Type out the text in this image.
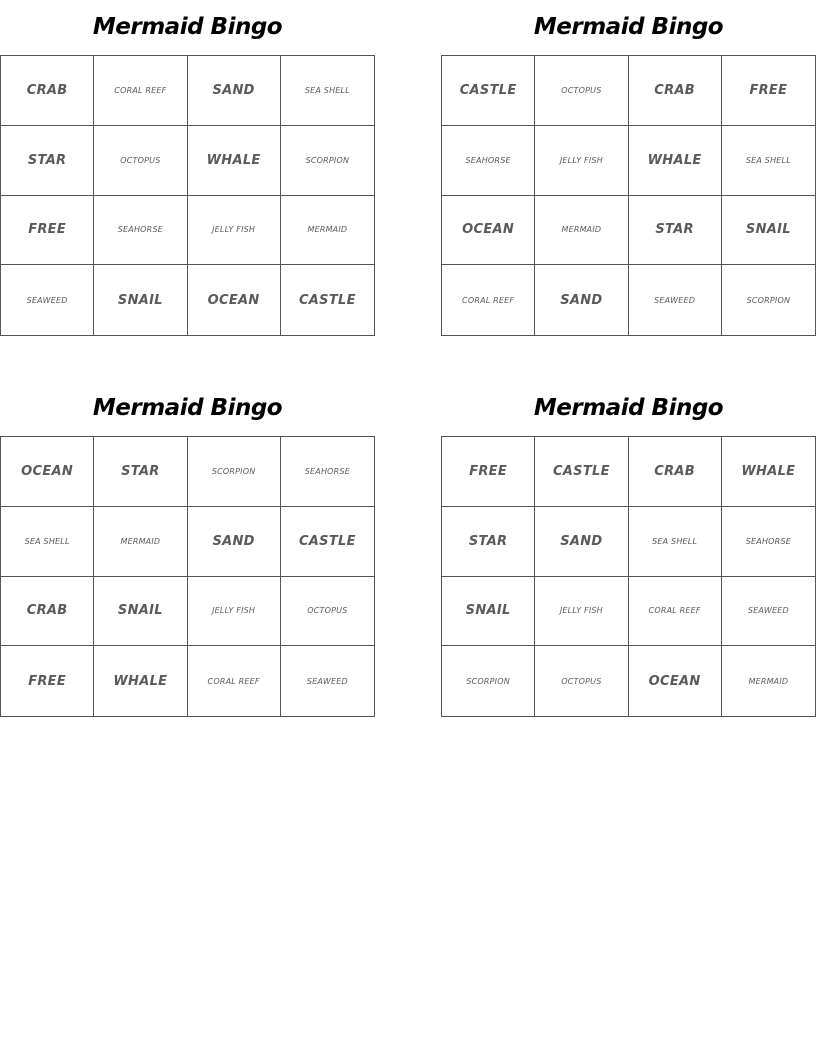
Mermaid Bingo
CRAB	CORAL REEF	SAND	SEA SHELL
STAR	OCTOPUS	WHALE	SCORPION
FREE	SEAHORSE	JELLY FISH	MERMAID
SEAWEED	SNAIL	OCEAN	CASTLE
Mermaid Bingo
CASTLE	OCTOPUS	CRAB	FREE
SEAHORSE	JELLY FISH	WHALE	SEA SHELL
OCEAN	MERMAID	STAR	SNAIL
CORAL REEF	SAND	SEAWEED	SCORPION
Mermaid Bingo
OCEAN	STAR	SCORPION	SEAHORSE
SEA SHELL	MERMAID	SAND	CASTLE
CRAB	SNAIL	JELLY FISH	OCTOPUS
FREE	WHALE	CORAL REEF	SEAWEED
Mermaid Bingo
FREE	CASTLE	CRAB	WHALE
STAR	SAND	SEA SHELL	SEAHORSE
SNAIL	JELLY FISH	CORAL REEF	SEAWEED
SCORPION	OCTOPUS	OCEAN	MERMAID
